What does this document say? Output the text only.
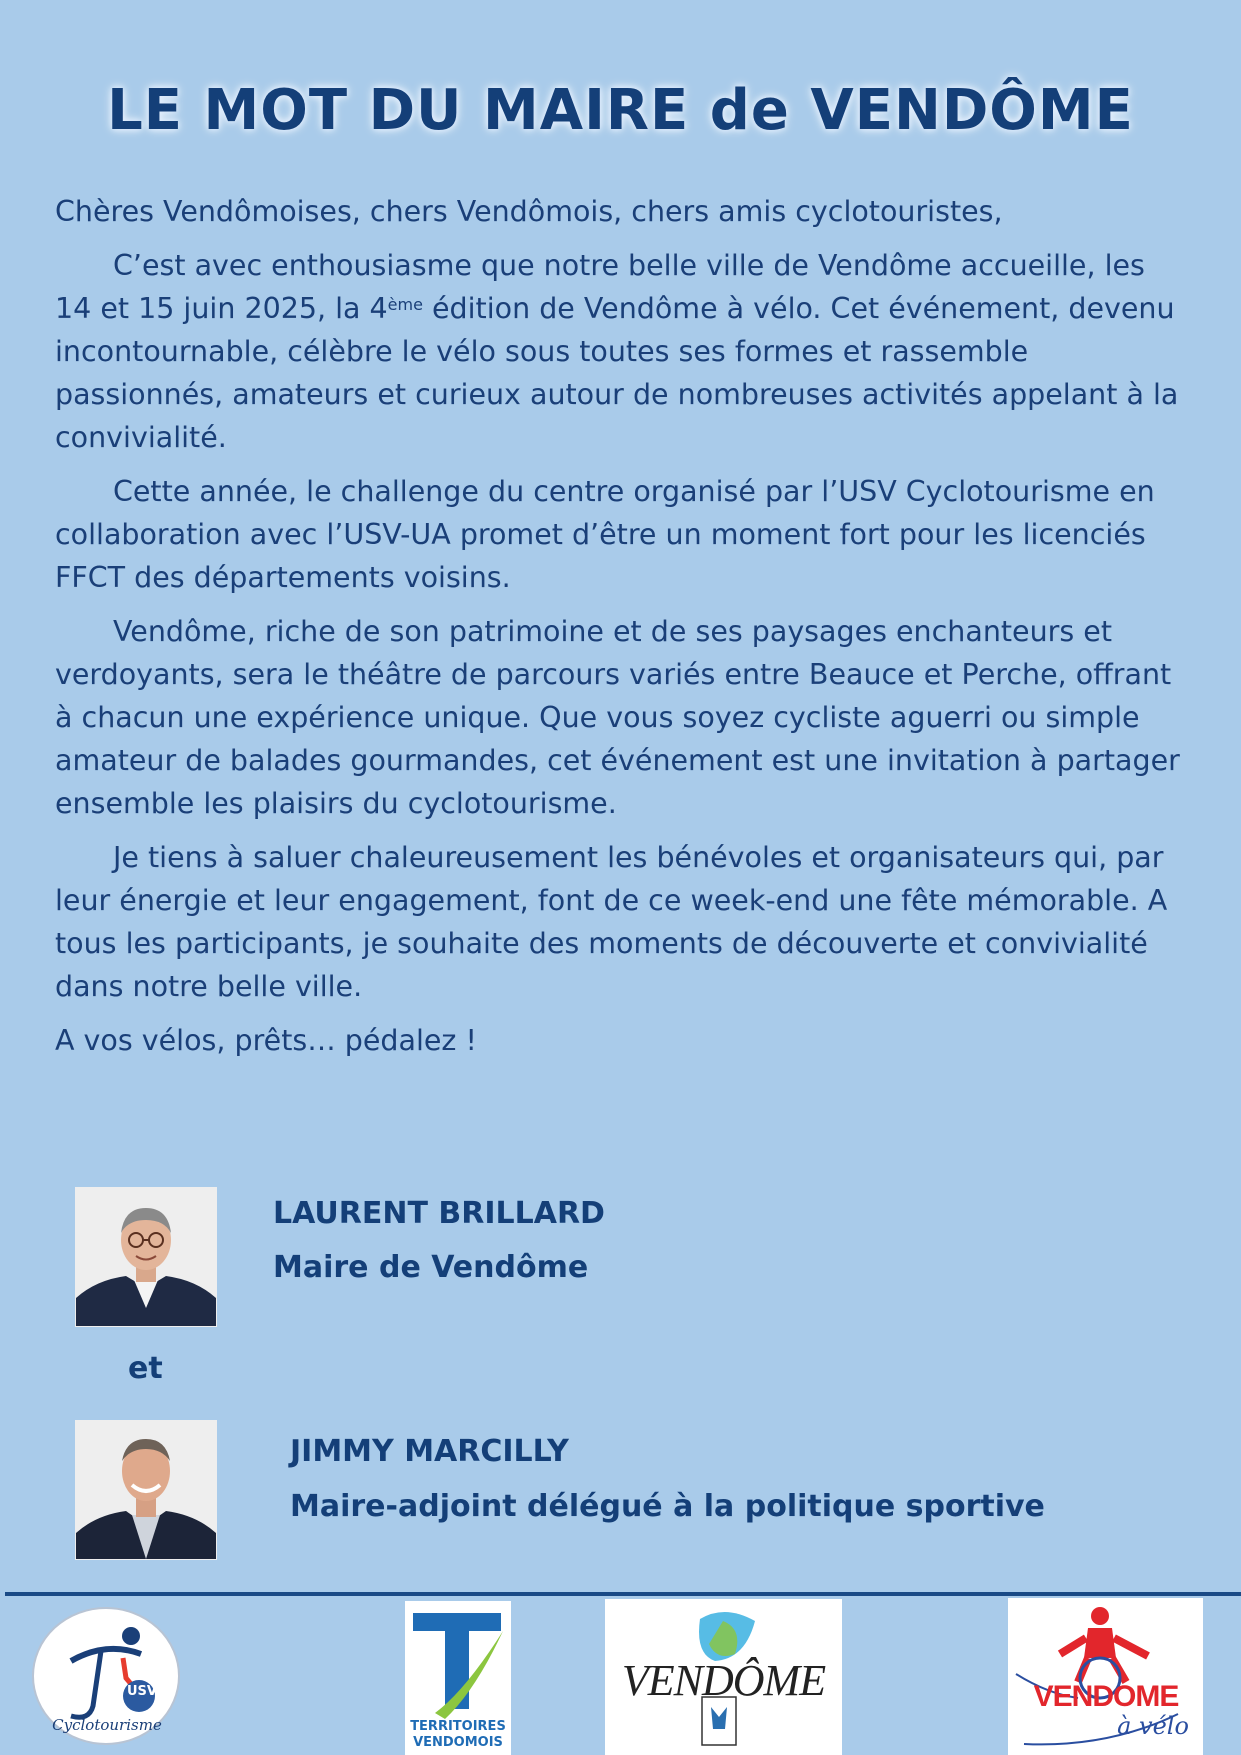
LE MOT DU MAIRE de VENDÔME

Chères Vendômoises, chers Vendômois, chers amis cyclotouristes,

C’est avec enthousiasme que notre belle ville de Vendôme accueille, les 14 et 15 juin 2025, la 4ème édition de Vendôme à vélo. Cet événement, devenu incontournable, célèbre le vélo sous toutes ses formes et rassemble passionnés, amateurs et curieux autour de nombreuses activités appelant à la convivialité.

Cette année, le challenge du centre organisé par l’USV Cyclotourisme en collaboration avec l’USV-UA promet d’être un moment fort pour les licenciés FFCT des départements voisins.

Vendôme, riche de son patrimoine et de ses paysages enchanteurs et verdoyants, sera le théâtre de parcours variés entre Beauce et Perche, offrant à chacun une expérience unique. Que vous soyez cycliste aguerri ou simple amateur de balades gourmandes, cet événement est une invitation à partager ensemble les plaisirs du cyclotourisme.

Je tiens à saluer chaleureusement les bénévoles et organisateurs qui, par leur énergie et leur engagement, font de ce week-end une fête mémorable. A tous les participants, je souhaite des moments de découverte et convivialité dans notre belle ville.

A vos vélos, prêts… pédalez !

LAURENT BRILLARD
Maire de Vendôme
et
JIMMY MARCILLY
Maire-adjoint délégué à la politique sportive
USV
Cyclotourisme	TERRITOIRES
VENDOMOIS
VENDÔME	VENDOME
à vélo
